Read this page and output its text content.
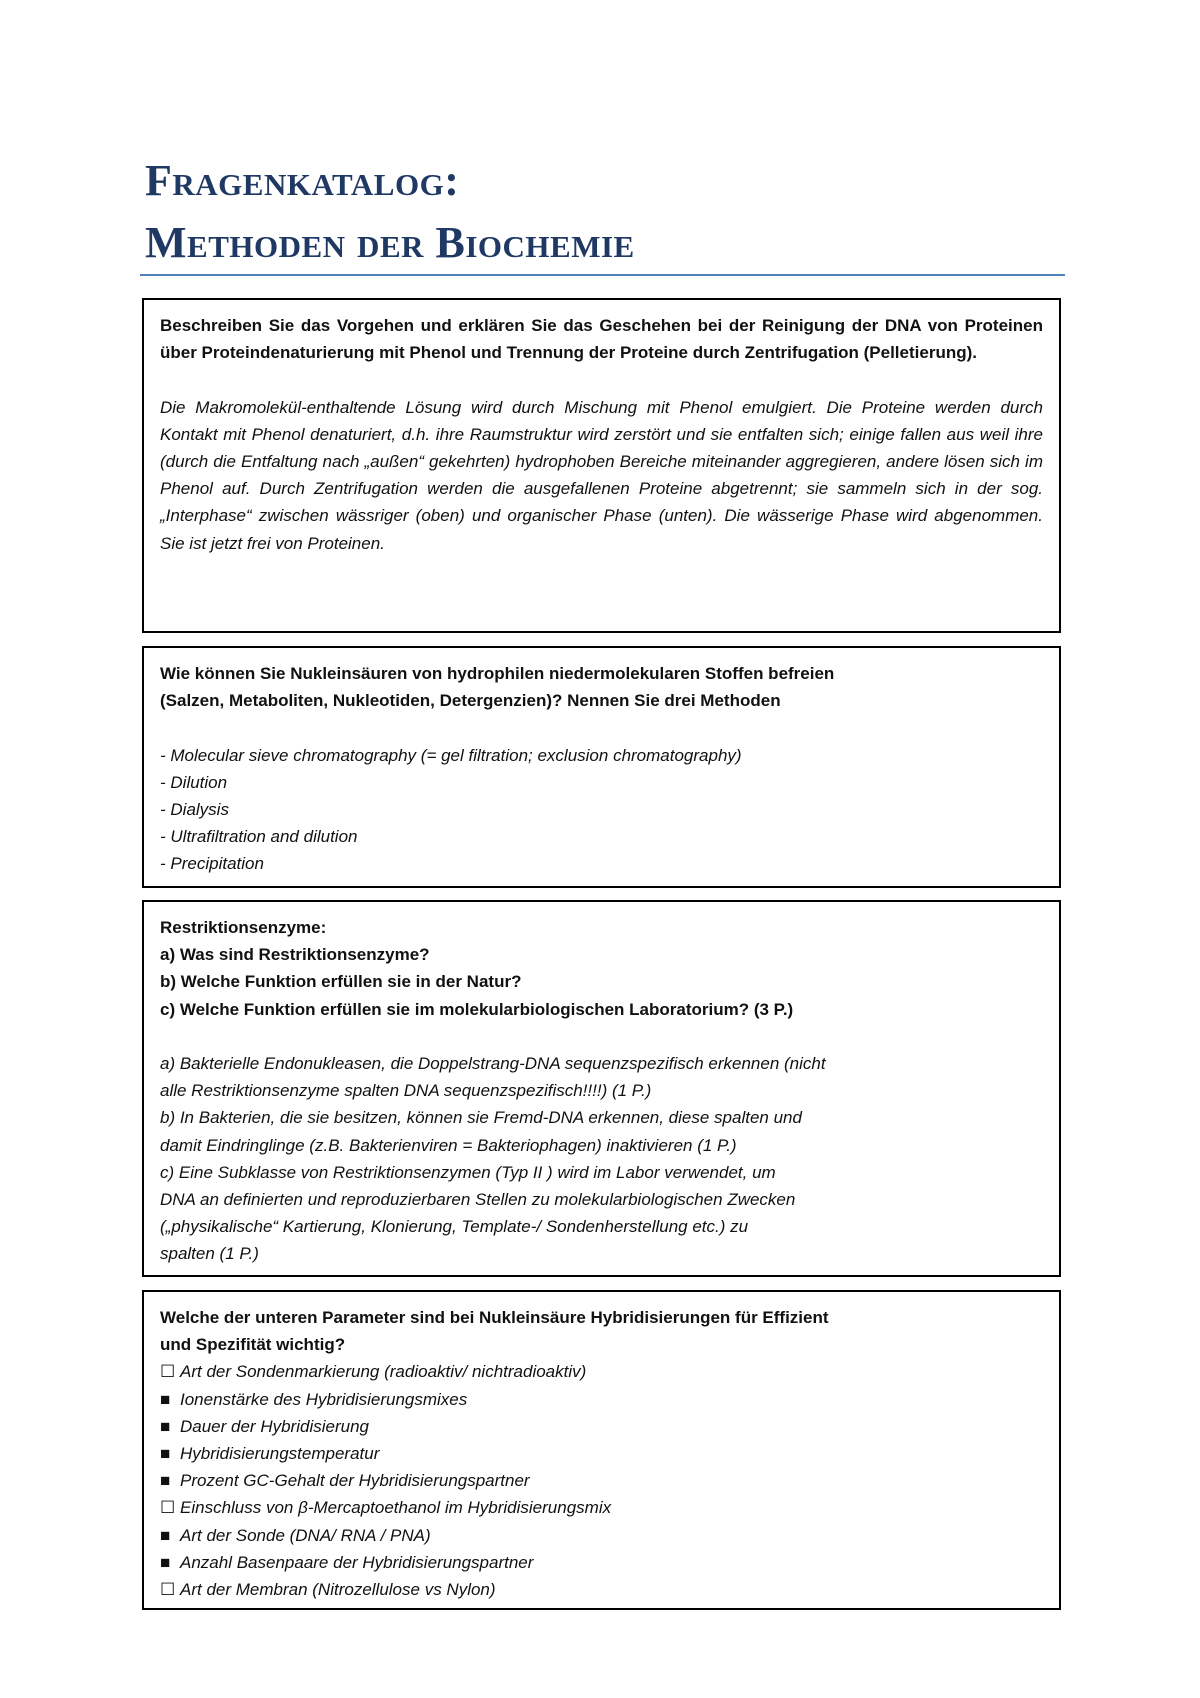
Fragenkatalog:
Methoden der Biochemie
Beschreiben Sie das Vorgehen und erklären Sie das Geschehen bei der Reinigung der DNA von Proteinen über Proteindenaturierung mit Phenol und Trennung der Proteine durch Zentrifugation (Pelletierung).
Die Makromolekül-enthaltende Lösung wird durch Mischung mit Phenol emulgiert. Die Proteine werden durch Kontakt mit Phenol denaturiert, d.h. ihre Raumstruktur wird zerstört und sie entfalten sich; einige fallen aus weil ihre (durch die Entfaltung nach „außen“ gekehrten) hydrophoben Bereiche miteinander aggregieren, andere lösen sich im Phenol auf. Durch Zentrifugation werden die ausgefallenen Proteine abgetrennt; sie sammeln sich in der sog. „Interphase“ zwischen wässriger (oben) und organischer Phase (unten). Die wässerige Phase wird abgenommen. Sie ist jetzt frei von Proteinen.
Wie können Sie Nukleinsäuren von hydrophilen niedermolekularen Stoffen befreien
(Salzen, Metaboliten, Nukleotiden, Detergenzien)? Nennen Sie drei Methoden
- Molecular sieve chromatography (= gel filtration; exclusion chromatography)
- Dilution
- Dialysis
- Ultrafiltration and dilution
- Precipitation
Restriktionsenzyme:
a) Was sind Restriktionsenzyme?
b) Welche Funktion erfüllen sie in der Natur?
c) Welche Funktion erfüllen sie im molekularbiologischen Laboratorium? (3 P.)
a) Bakterielle Endonukleasen, die Doppelstrang-DNA sequenzspezifisch erkennen (nicht
alle Restriktionsenzyme spalten DNA sequenzspezifisch!!!!) (1 P.)
b) In Bakterien, die sie besitzen, können sie Fremd-DNA erkennen, diese spalten und
damit Eindringlinge (z.B. Bakterienviren = Bakteriophagen) inaktivieren (1 P.)
c) Eine Subklasse von Restriktionsenzymen (Typ II ) wird im Labor verwendet, um
DNA an definierten und reproduzierbaren Stellen zu molekularbiologischen Zwecken
(„physikalische“ Kartierung, Klonierung, Template-/ Sondenherstellung etc.) zu
spalten (1 P.)
Welche der unteren Parameter sind bei Nukleinsäure Hybridisierungen für Effizient
und Spezifität wichtig?
☐ Art der Sondenmarkierung (radioaktiv/ nichtradioaktiv)
■ Ionenstärke des Hybridisierungsmixes
■ Dauer der Hybridisierung
■ Hybridisierungstemperatur
■ Prozent GC-Gehalt der Hybridisierungspartner
☐ Einschluss von β-Mercaptoethanol im Hybridisierungsmix
■ Art der Sonde (DNA/ RNA / PNA)
■ Anzahl Basenpaare der Hybridisierungspartner
☐ Art der Membran (Nitrozellulose vs Nylon)
